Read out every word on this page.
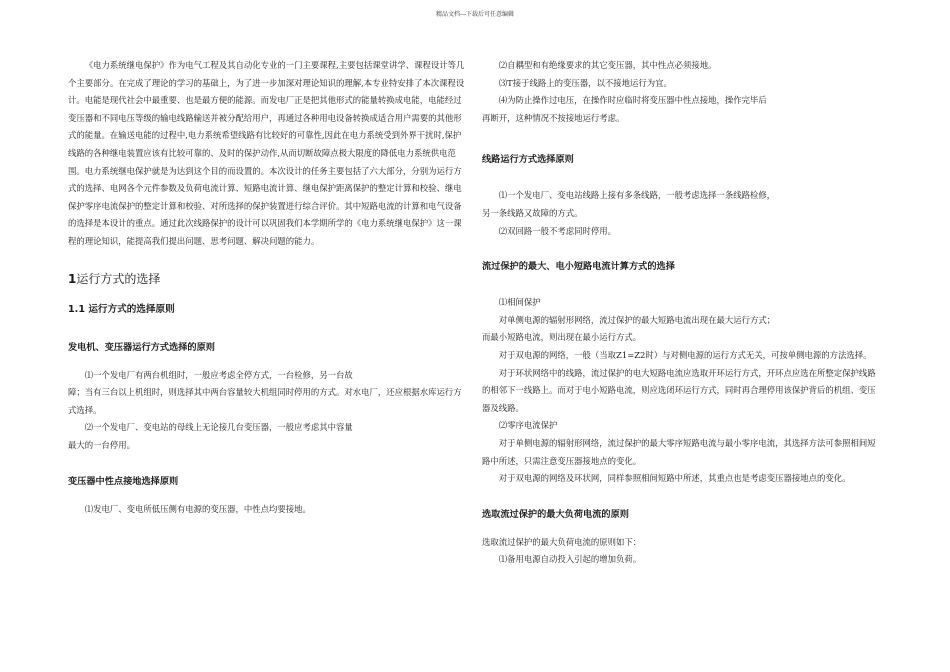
精品文档---下载后可任意编辑

《电力系统继电保护》作为电气工程及其自动化专业的一门主要课程,主要包括课堂讲学、课程设计等几个主要部分。在完成了理论的学习的基础上，为了进一步加深对理论知识的理解,本专业特安排了本次课程设计。电能是现代社会中最重要、也是最方便的能源。而发电厂正是把其他形式的能量转换成电能，电能经过变压器和不同电压等级的输电线路输送并被分配给用户，再通过各种用电设备转换成适合用户需要的其他形式的能量。在输送电能的过程中,电力系统希望线路有比较好的可靠性,因此在电力系统受到外界干扰时,保护线路的各种继电装置应该有比较可靠的、及时的保护动作,从而切断故障点极大限度的降低电力系统供电范围。电力系统继电保护就是为达到这个目的而设置的。本次设计的任务主要包括了六大部分，分别为运行方式的选择、电网各个元件参数及负荷电流计算、短路电流计算、继电保护距离保护的整定计算和校验、继电保护零序电流保护的整定计算和校验、对所选择的保护装置进行综合评价。其中短路电流的计算和电气设备的选择是本设计的重点。通过此次线路保护的设计可以巩固我们本学期所学的《电力系统继电保护》这一课程的理论知识，能提高我们提出问题、思考问题、解决问题的能力。

1运行方式的选择
1.1 运行方式的选择原则
发电机、变压器运行方式选择的原则

⑴一个发电厂有两台机组时，一般应考虑全停方式，一台检修，另一台故

障；当有三台以上机组时，则选择其中两台容量较大机组同时停用的方式。对水电厂，还应根据水库运行方式选择。

⑵一个发电厂、变电站的母线上无论接几台变压器，一般应考虑其中容量

最大的一台停用。

变压器中性点接地选择原则

⑴发电厂、变电所低压侧有电源的变压器，中性点均要接地。

⑵自耦型和有绝缘要求的其它变压器，其中性点必须接地。

⑶T接于线路上的变压器，以不接地运行为宜。

⑷为防止操作过电压，在操作时应临时将变压器中性点接地，操作完毕后

再断开，这种情况不按接地运行考虑。

线路运行方式选择原则

⑴一个发电厂、变电站线路上接有多条线路，一般考虑选择一条线路检修，

另一条线路又故障的方式。

⑵双回路一般不考虑同时停用。

流过保护的最大、电小短路电流计算方式的选择

⑴相间保护

对单侧电源的辐射形网络，流过保护的最大短路电流出现在最大运行方式；

而最小短路电流，则出现在最小运行方式。

对于双电源的网络，一般（当取Z1=Z2时）与对侧电源的运行方式无关，可按单侧电源的方法选择。

对于环状网络中的线路，流过保护的电大短路电流应选取开环运行方式，开环点应选在所整定保护线路的相邻下一线路上。而对于电小短路电流，则应选闭环运行方式，同时再合理停用该保护背后的机组、变压器及线路。

⑵零序电流保护

对于单侧电源的辐射形网络，流过保护的最大零序短路电流与最小零序电流，其选择方法可参照相间短路中所述，只需注意变压器接地点的变化。

对于双电源的网络及环状网，同样参照相间短路中所述，其重点也是考虑变压器接地点的变化。

选取流过保护的最大负荷电流的原则

选取流过保护的最大负荷电流的原则如下：

⑴备用电源自动投入引起的增加负荷。
